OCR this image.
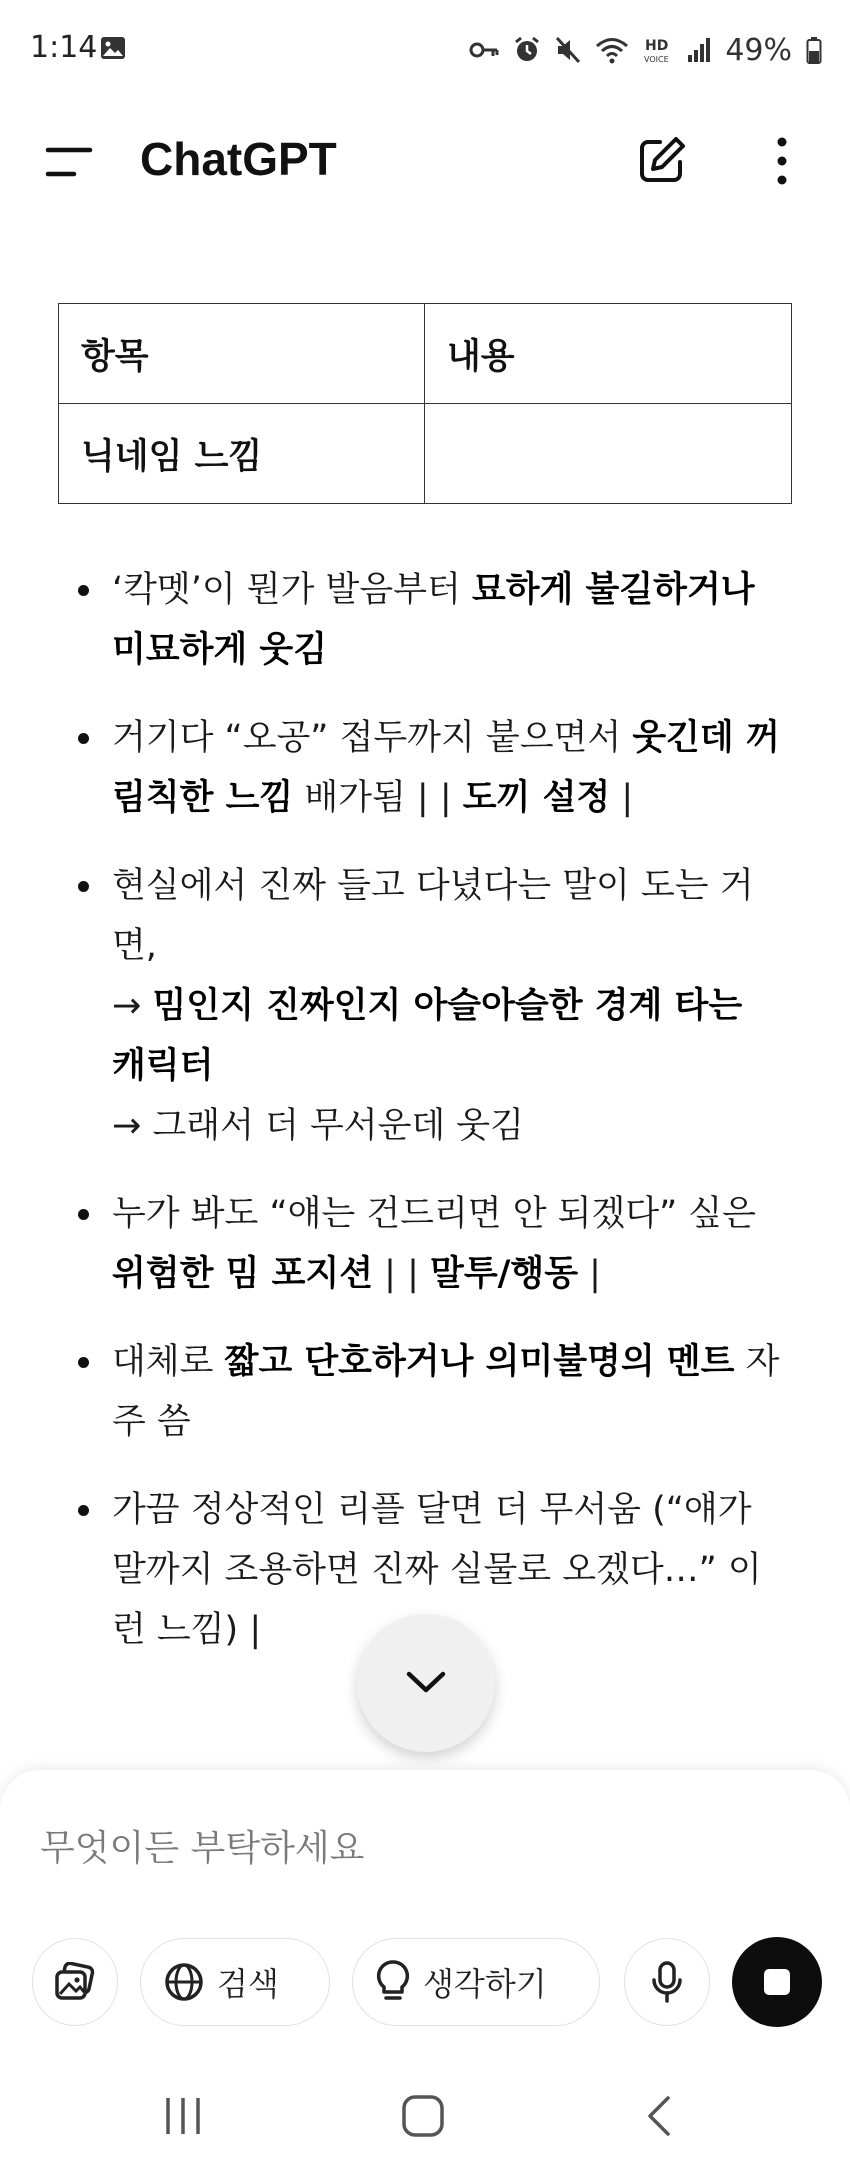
1:14	HD
VOICE 49%
ChatGPT
항목	내용
닉네임 느낌	
‘칵멧’이 뭔가 발음부터 묘하게 불길하거나 미묘하게 웃김
거기다 “오공” 접두까지 붙으면서 웃긴데 꺼림칙한 느낌 배가됨 | | 도끼 설정 |
현실에서 진짜 들고 다녔다는 말이 도는 거면,
→ 밈인지 진짜인지 아슬아슬한 경계 타는 캐릭터
→ 그래서 더 무서운데 웃김
누가 봐도 “얘는 건드리면 안 되겠다” 싶은 위험한 밈 포지션 | | 말투/행동 |
대체로 짧고 단호하거나 의미불명의 멘트 자주 씀
가끔 정상적인 리플 달면 더 무서움 (“얘가 말까지 조용하면 진짜 실물로 오겠다…” 이런 느낌) |
무엇이든 부탁하세요
검색	생각하기
